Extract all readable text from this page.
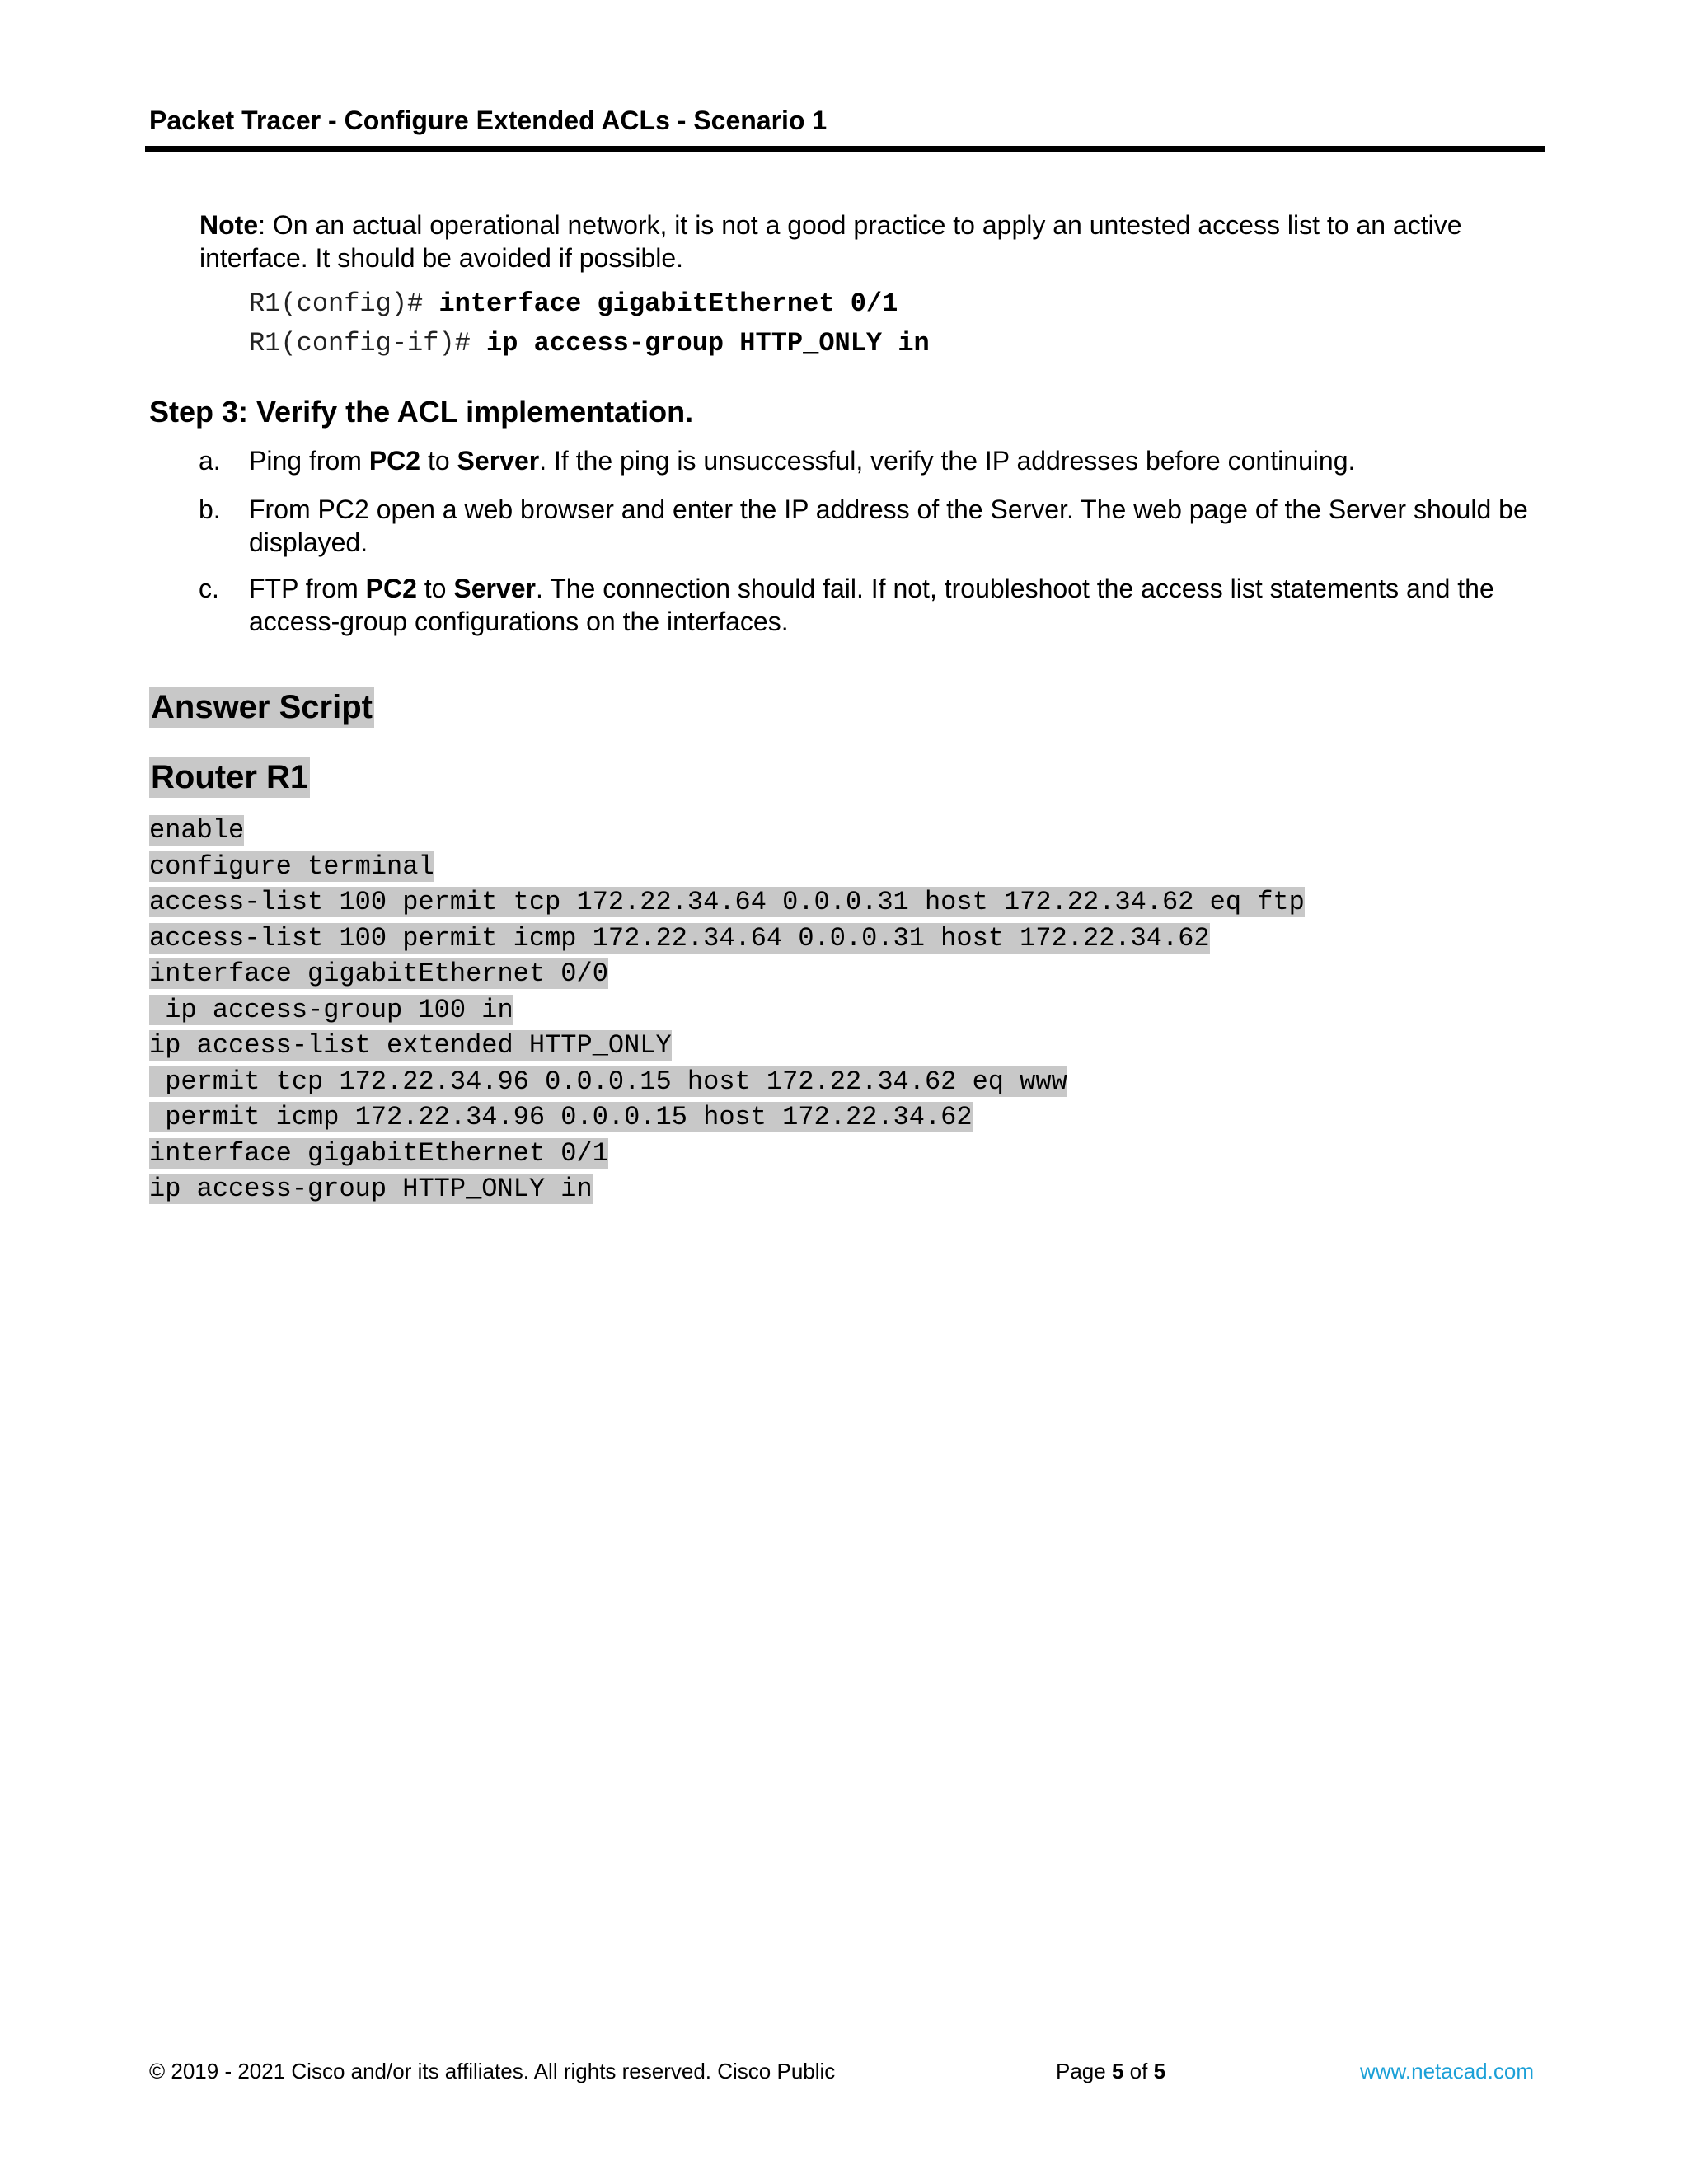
Packet Tracer - Configure Extended ACLs - Scenario 1
Note: On an actual operational network, it is not a good practice to apply an untested access list to an active interface. It should be avoided if possible.
R1(config)# interface gigabitEthernet 0/1
R1(config-if)# ip access-group HTTP_ONLY in
Step 3: Verify the ACL implementation.
a. Ping from PC2 to Server. If the ping is unsuccessful, verify the IP addresses before continuing.
b. From PC2 open a web browser and enter the IP address of the Server. The web page of the Server should be displayed.
c. FTP from PC2 to Server. The connection should fail. If not, troubleshoot the access list statements and the access-group configurations on the interfaces.
Answer Script
Router R1
enable
configure terminal
access-list 100 permit tcp 172.22.34.64 0.0.0.31 host 172.22.34.62 eq ftp
access-list 100 permit icmp 172.22.34.64 0.0.0.31 host 172.22.34.62
interface gigabitEthernet 0/0
ip access-group 100 in
ip access-list extended HTTP_ONLY
permit tcp 172.22.34.96 0.0.0.15 host 172.22.34.62 eq www
permit icmp 172.22.34.96 0.0.0.15 host 172.22.34.62
interface gigabitEthernet 0/1
ip access-group HTTP_ONLY in
© 2019 - 2021 Cisco and/or its affiliates. All rights reserved. Cisco Public	Page 5 of 5	www.netacad.com
